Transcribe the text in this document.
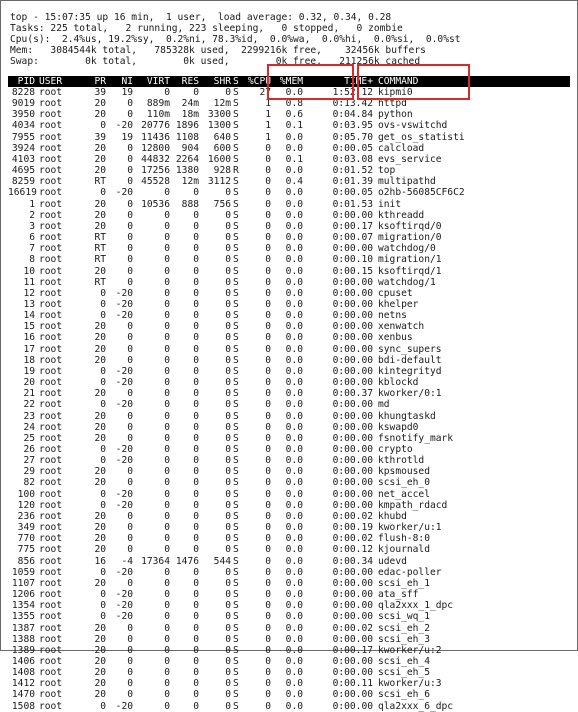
top - 15:07:35 up 16 min,  1 user,  load average: 0.32, 0.34, 0.28
Tasks: 225 total,   2 running, 223 sleeping,   0 stopped,   0 zombie
Cpu(s):  2.4%us, 19.2%sy,  0.2%ni, 78.3%id,  0.0%wa,  0.0%hi,  0.0%si,  0.0%st
Mem:   3084544k total,   785328k used,  2299216k free,    32456k buffers
Swap:        0k total,        0k used,        0k free,   211256k cached
PID USER	PR	NI	VIRT	RES	SHR S %CPU %MEM	TIME+ COMMAND
8228 root	39	19	0	0	0 S	27	0.0	1:52.12 kipmi0
9019 root	20	0	889m	24m	12m S	1	0.8	0:13.42 httpd
3950 root	20	0	110m	18m 3300 S	1	0.6	0:04.84 python
4034 root	0	-20 20776 1896 1300 S	1	0.1	0:03.95 ovs-vswitchd
7955 root	39	19 11436 1108	640 S	1	0.0	0:05.70 get_os_statisti
3924 root	20	0 12800	904	600 S	0	0.0	0:00.05 calcload
4103 root	20	0 44832 2264 1600 S	0	0.1	0:03.08 evs_service
4695 root	20	0 17256 1380	928 R	0	0.0	0:01.52 top
8259 root	RT	0 45528	12m 3112 S	0	0.4	0:01.39 multipathd
16619 root	0	-20	0	0	0 S	0	0.0	0:00.05 o2hb-56085CF6C2
1 root	20	0 10536	888	756 S	0	0.0	0:01.53 init
2 root	20	0	0	0	0 S	0	0.0	0:00.00 kthreadd
3 root	20	0	0	0	0 S	0	0.0	0:00.17 ksoftirqd/0
6 root	RT	0	0	0	0 S	0	0.0	0:00.07 migration/0
7 root	RT	0	0	0	0 S	0	0.0	0:00.00 watchdog/0
8 root	RT	0	0	0	0 S	0	0.0	0:00.10 migration/1
10 root	20	0	0	0	0 S	0	0.0	0:00.15 ksoftirqd/1
11 root	RT	0	0	0	0 S	0	0.0	0:00.00 watchdog/1
12 root	0	-20	0	0	0 S	0	0.0	0:00.00 cpuset
13 root	0	-20	0	0	0 S	0	0.0	0:00.00 khelper
14 root	0	-20	0	0	0 S	0	0.0	0:00.00 netns
15 root	20	0	0	0	0 S	0	0.0	0:00.00 xenwatch
16 root	20	0	0	0	0 S	0	0.0	0:00.00 xenbus
17 root	20	0	0	0	0 S	0	0.0	0:00.00 sync_supers
18 root	20	0	0	0	0 S	0	0.0	0:00.00 bdi-default
19 root	0	-20	0	0	0 S	0	0.0	0:00.00 kintegrityd
20 root	0	-20	0	0	0 S	0	0.0	0:00.00 kblockd
21 root	20	0	0	0	0 S	0	0.0	0:00.37 kworker/0:1
22 root	0	-20	0	0	0 S	0	0.0	0:00.00 md
23 root	20	0	0	0	0 S	0	0.0	0:00.00 khungtaskd
24 root	20	0	0	0	0 S	0	0.0	0:00.00 kswapd0
25 root	20	0	0	0	0 S	0	0.0	0:00.00 fsnotify_mark
26 root	0	-20	0	0	0 S	0	0.0	0:00.00 crypto
27 root	0	-20	0	0	0 S	0	0.0	0:00.00 kthrotld
29 root	20	0	0	0	0 S	0	0.0	0:00.00 kpsmoused
82 root	20	0	0	0	0 S	0	0.0	0:00.00 scsi_eh_0
100 root	0	-20	0	0	0 S	0	0.0	0:00.00 net_accel
120 root	0	-20	0	0	0 S	0	0.0	0:00.00 kmpath_rdacd
236 root	20	0	0	0	0 S	0	0.0	0:00.02 khubd
349 root	20	0	0	0	0 S	0	0.0	0:00.19 kworker/u:1
770 root	20	0	0	0	0 S	0	0.0	0:00.02 flush-8:0
775 root	20	0	0	0	0 S	0	0.0	0:00.12 kjournald
856 root	16	-4 17364 1476	544 S	0	0.0	0:00.34 udevd
1059 root	0	-20	0	0	0 S	0	0.0	0:00.00 edac-poller
1107 root	20	0	0	0	0 S	0	0.0	0:00.00 scsi_eh_1
1206 root	0	-20	0	0	0 S	0	0.0	0:00.00 ata_sff
1354 root	0	-20	0	0	0 S	0	0.0	0:00.00 qla2xxx_1_dpc
1355 root	0	-20	0	0	0 S	0	0.0	0:00.00 scsi_wq_1
1387 root	20	0	0	0	0 S	0	0.0	0:00.02 scsi_eh_2
1388 root	20	0	0	0	0 S	0	0.0	0:00.00 scsi_eh_3
1389 root	20	0	0	0	0 S	0	0.0	0:00.17 kworker/u:2
1406 root	20	0	0	0	0 S	0	0.0	0:00.00 scsi_eh_4
1408 root	20	0	0	0	0 S	0	0.0	0:00.00 scsi_eh_5
1412 root	20	0	0	0	0 S	0	0.0	0:00.11 kworker/u:3
1470 root	20	0	0	0	0 S	0	0.0	0:00.00 scsi_eh_6
1508 root	0	-20	0	0	0 S	0	0.0	0:00.00 qla2xxx_6_dpc
